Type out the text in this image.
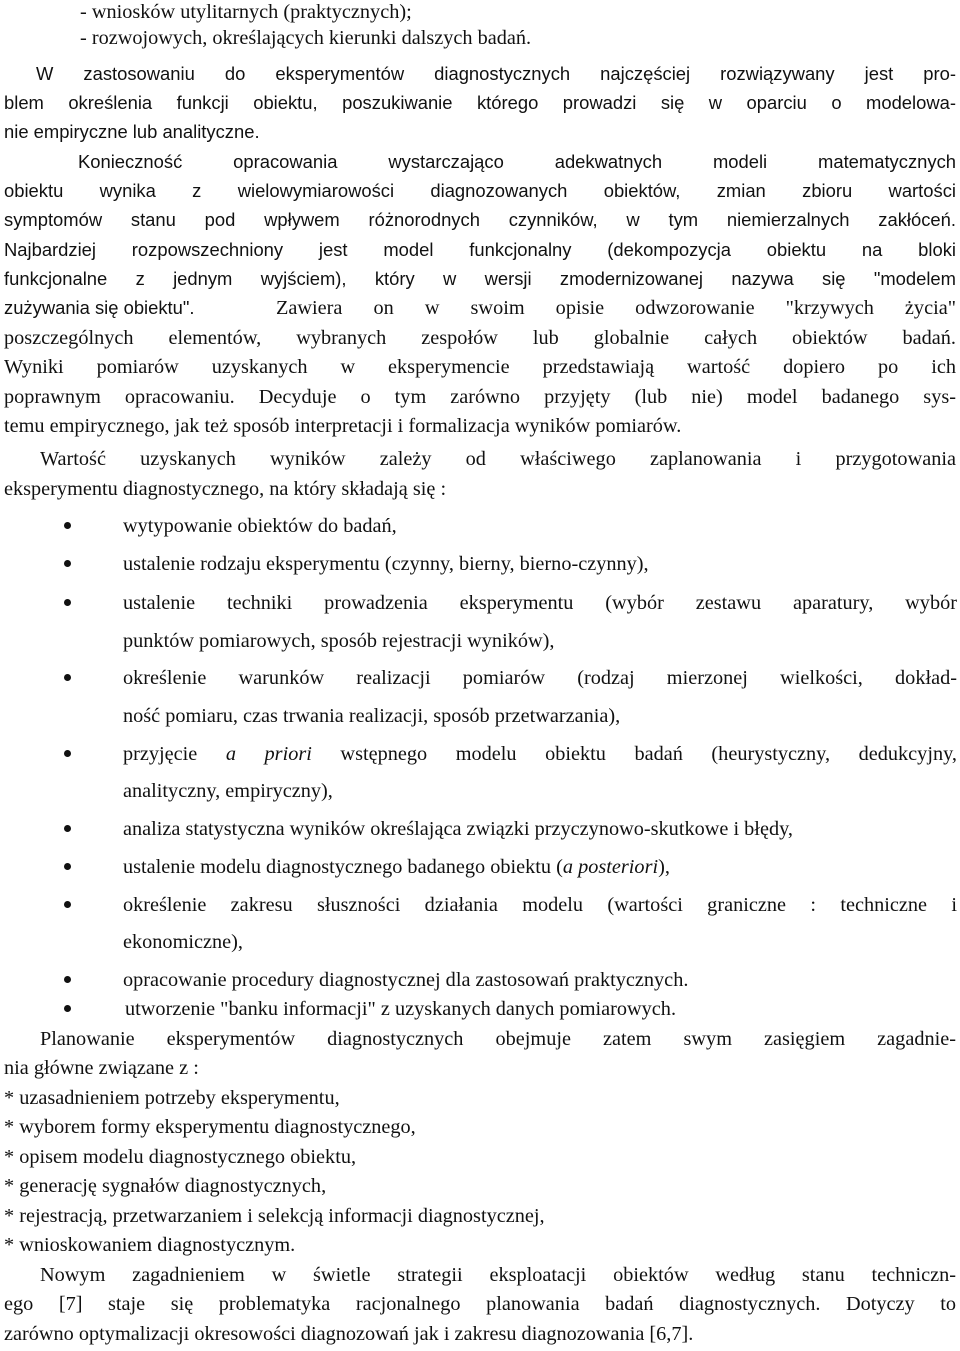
- wniosków utylitarnych (praktycznych);
- rozwojowych, określających kierunki dalszych badań.
W zastosowaniu do eksperymentów diagnostycznych najczęściej rozwiązywany jest pro-
blem określenia funkcji obiektu, poszukiwanie którego prowadzi się w oparciu o modelowa-
nie empiryczne lub analityczne.
Konieczność opracowania wystarczająco adekwatnych modeli matematycznych
obiektu wynika z wielowymiarowości diagnozowanych obiektów, zmian zbioru wartości
symptomów stanu pod wpływem różnorodnych czynników, w tym niemierzalnych zakłóceń.
Najbardziej rozpowszechniony jest model funkcjonalny (dekompozycja obiektu na bloki
funkcjonalne z jednym wyjściem), który w wersji zmodernizowanej nazywa się "modelem
zużywania się obiektu".	Zawiera on w swoim opisie odwzorowanie "krzywych życia"
poszczególnych elementów, wybranych zespołów lub globalnie całych obiektów badań.
Wyniki pomiarów uzyskanych w eksperymencie przedstawiają wartość dopiero po ich
poprawnym opracowaniu. Decyduje o tym zarówno przyjęty (lub nie) model badanego sys-
temu empirycznego, jak też sposób interpretacji i formalizacja wyników pomiarów.
Wartość uzyskanych wyników zależy od właściwego zaplanowania i przygotowania
eksperymentu diagnostycznego, na który składają się :
wytypowanie obiektów do badań,
ustalenie rodzaju eksperymentu (czynny, bierny, bierno-czynny),
ustalenie techniki prowadzenia eksperymentu (wybór zestawu aparatury, wybór
punktów pomiarowych, sposób rejestracji wyników),
określenie warunków realizacji pomiarów (rodzaj mierzonej wielkości, dokład-
ność pomiaru, czas trwania realizacji, sposób przetwarzania),
przyjęcie a priori wstępnego modelu obiektu badań (heurystyczny, dedukcyjny,
analityczny, empiryczny),
analiza statystyczna wyników określająca związki przyczynowo-skutkowe i błędy,
ustalenie modelu diagnostycznego badanego obiektu (a posteriori),
określenie zakresu słuszności działania modelu (wartości graniczne : techniczne i
ekonomiczne),
opracowanie procedury diagnostycznej dla zastosowań praktycznych.
utworzenie "banku informacji" z uzyskanych danych pomiarowych.
Planowanie eksperymentów diagnostycznych obejmuje zatem swym zasięgiem zagadnie-
nia główne związane z :
* uzasadnieniem potrzeby eksperymentu,
* wyborem formy eksperymentu diagnostycznego,
* opisem modelu diagnostycznego obiektu,
* generację sygnałów diagnostycznych,
* rejestracją, przetwarzaniem i selekcją informacji diagnostycznej,
* wnioskowaniem diagnostycznym.
Nowym zagadnieniem w świetle strategii eksploatacji obiektów według stanu techniczn-
ego [7] staje się problematyka racjonalnego planowania badań diagnostycznych. Dotyczy to
zarówno optymalizacji okresowości diagnozowań jak i zakresu diagnozowania [6,7].
